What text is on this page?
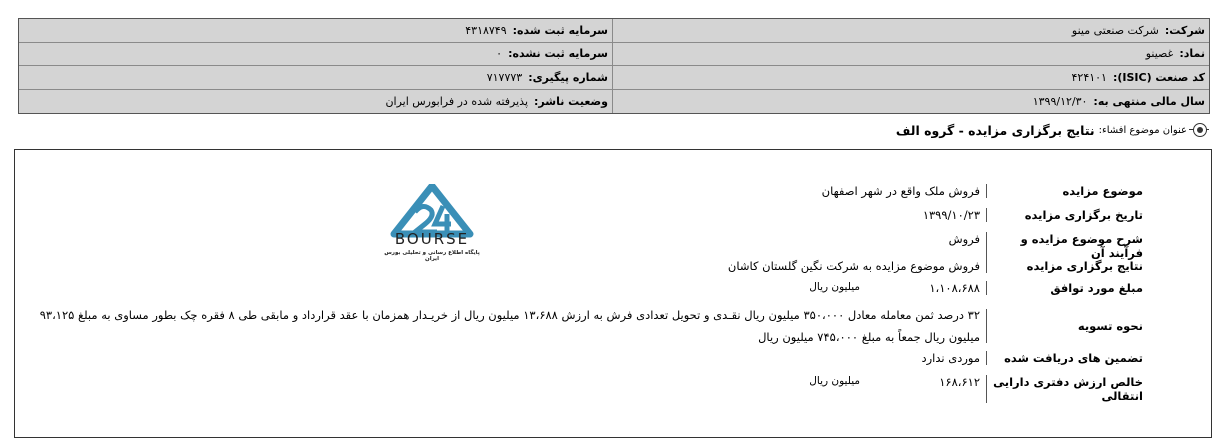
شرکت:
شرکت صنعتی مینو
سرمایه ثبت شده:
۴۳۱۸۷۴۹
نماد:
غصینو
سرمایه ثبت نشده:
۰
کد صنعت (ISIC):
۴۲۴۱۰۱
شماره پیگیری:
۷۱۷۷۷۳
سال مالی منتهی به:
۱۳۹۹/۱۲/۳۰
وضعیت ناشر:
پذیرفته شده در فرابورس ایران
عنوان موضوع افشاء:
نتایج برگزاری مزایده - گروه الف
موضوع مزایده
فروش ملک واقع در شهر اصفهان
تاریخ برگزاری مزایده
۱۳۹۹/۱۰/۲۳
شرح موضوع مزایده و فرآیند آن
فروش
نتایج برگزاری مزایده
فروش موضوع مزایده به شرکت نگین گلستان کاشان
مبلغ مورد توافق
۱،۱۰۸،۶۸۸
میلیون ریال
نحوه تسویه
۳۲ درصد ثمن معامله معادل ۳۵۰،۰۰۰ میلیون ریال نقـدی و تحویل تعدادی فرش به ارزش ۱۳،۶۸۸ میلیون ریال از خریـدار همزمان با عقد قرارداد و مابقی طی ۸ فقره چک بطور مساوی به مبلغ ۹۳،۱۲۵
میلیون ریال جمعاً به مبلغ ۷۴۵،۰۰۰ میلیون ریال
تضمین های دریافت شده
موردی ندارد
خالص ارزش دفتری دارایی انتقالی
۱۶۸،۶۱۲
میلیون ریال
BOURSE
پایگاه اطلاع رسانی و تحلیلی بورس ایران
